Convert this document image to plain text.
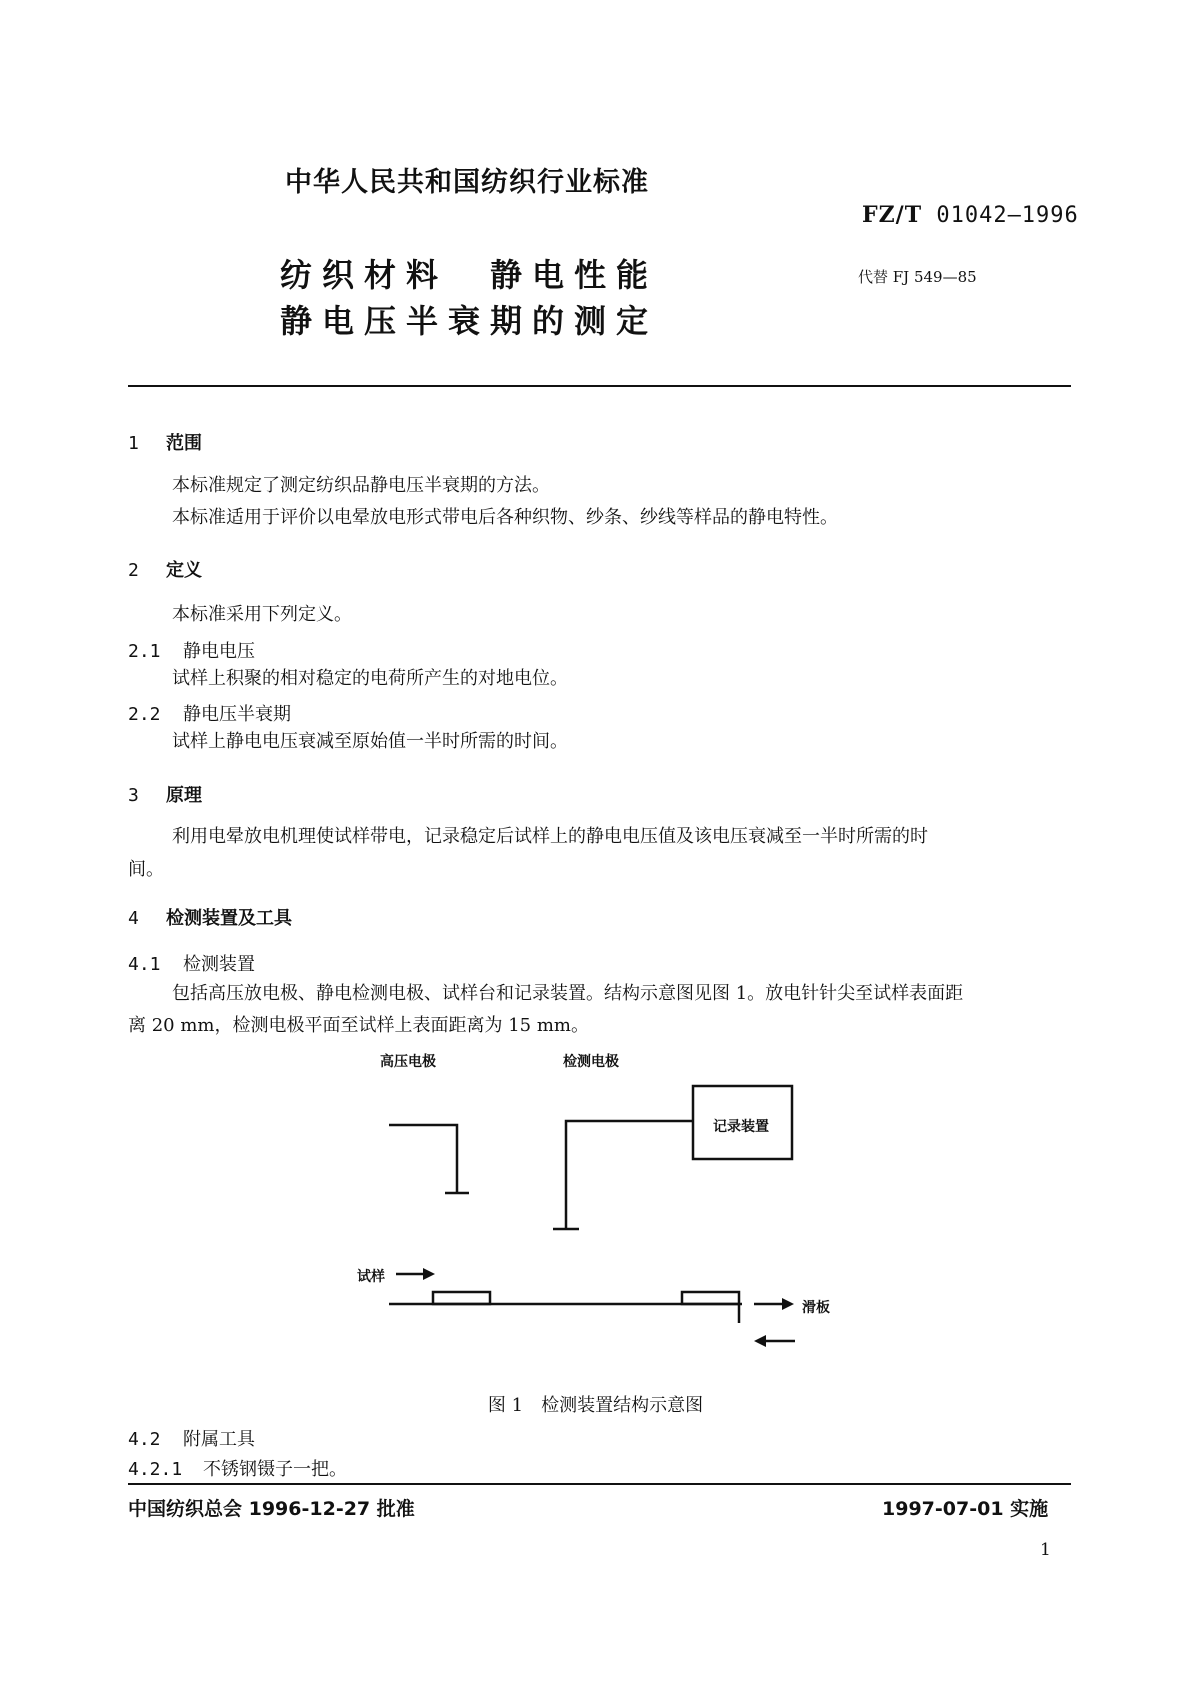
中华人民共和国纺织行业标准
FZ/T 01042—1996
纺织材料　静电性能
静电压半衰期的测定
代替 FJ 549—85
1 范围
本标准规定了测定纺织品静电压半衰期的方法。
本标准适用于评价以电晕放电形式带电后各种织物、纱条、纱线等样品的静电特性。
2 定义
本标准采用下列定义。
2.1 静电电压
试样上积聚的相对稳定的电荷所产生的对地电位。
2.2 静电压半衰期
试样上静电电压衰减至原始值一半时所需的时间。
3 原理
利用电晕放电机理使试样带电，记录稳定后试样上的静电电压值及该电压衰减至一半时所需的时
间。
4 检测装置及工具
4.1 检测装置
包括高压放电极、静电检测电极、试样台和记录装置。结构示意图见图 1。放电针针尖至试样表面距
离 20 mm，检测电极平面至试样上表面距离为 15 mm。
高压电极	检测电极
记录装置
试样
滑板
图 1　检测装置结构示意图
4.2 附属工具
4.2.1 不锈钢镊子一把。
中国纺织总会 1996-12-27 批准	1997-07-01 实施
1
